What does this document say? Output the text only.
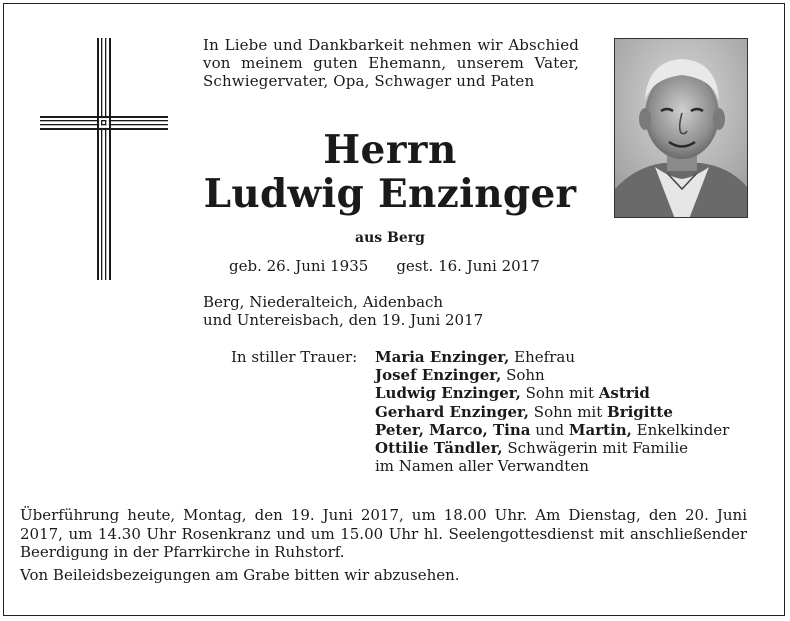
In Liebe und Dankbarkeit nehmen wir Abschied von meinem guten Ehemann, unserem Vater, Schwiegervater, Opa, Schwager und Paten
Herrn
Ludwig Enzinger
aus Berg
geb. 26. Juni 1935 gest. 16. Juni 2017
Berg, Niederalteich, Aidenbach
und Untereisbach, den 19. Juni 2017
In stiller Trauer: Maria Enzinger, Ehefrau
Josef Enzinger, Sohn
Ludwig Enzinger, Sohn mit Astrid
Gerhard Enzinger, Sohn mit Brigitte
Peter, Marco, Tina und Martin, Enkelkinder
Ottilie Tändler, Schwägerin mit Familie
im Namen aller Verwandten

Überführung heute, Montag, den 19. Juni 2017, um 18.00 Uhr. Am Dienstag, den 20. Juni 2017, um 14.30 Uhr Rosenkranz und um 15.00 Uhr hl. Seelengottesdienst mit anschließender Beerdigung in der Pfarrkirche in Ruhstorf.

Von Beileidsbezeigungen am Grabe bitten wir abzusehen.
